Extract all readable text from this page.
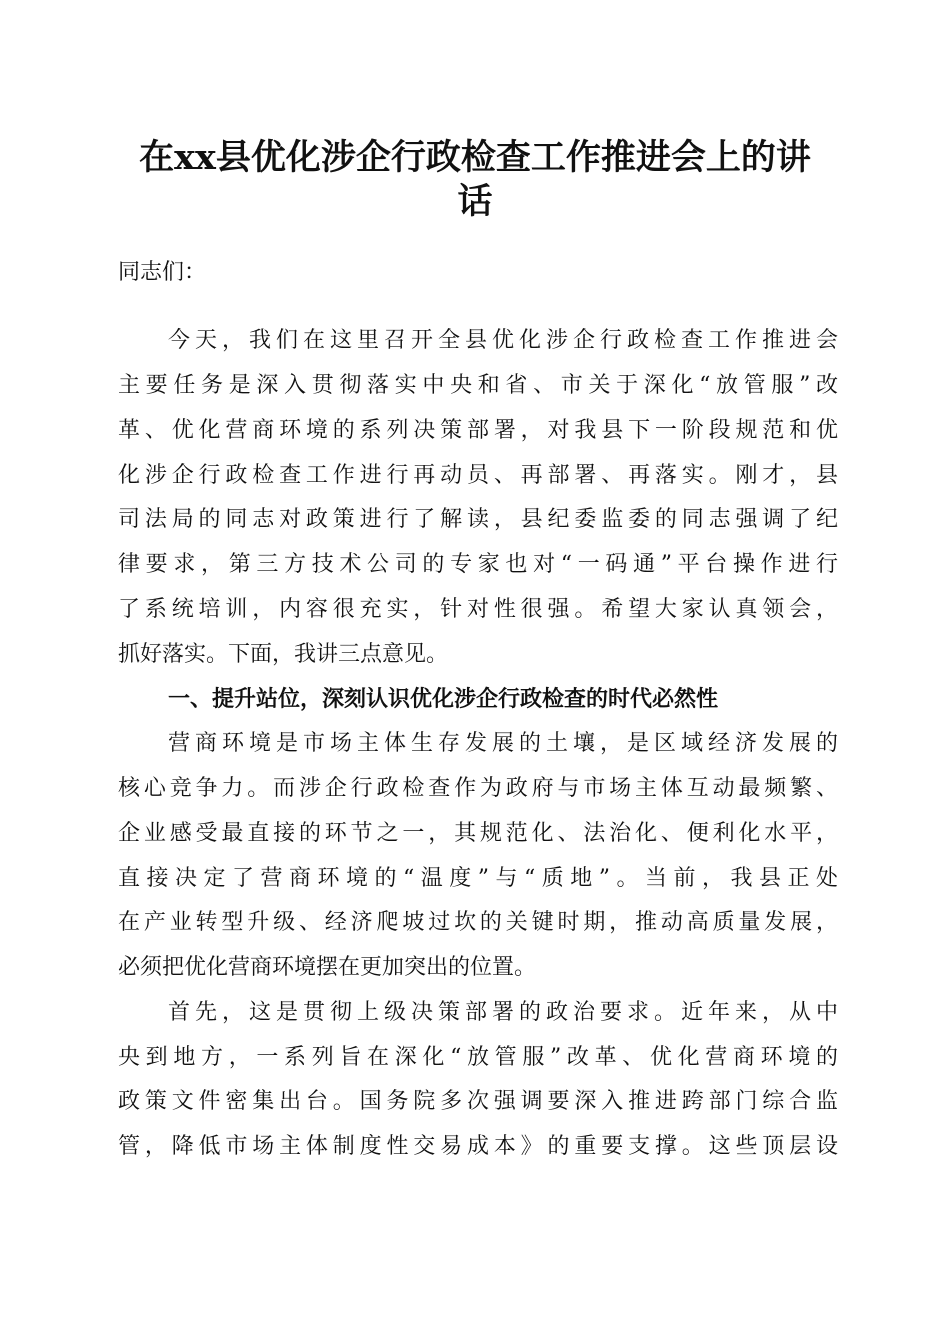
在xx县优化涉企行政检查工作推进会上的讲
话

同志们：

今天，我们在这里召开全县优化涉企行政检查工作推进会

主要任务是深入贯彻落实中央和省、市关于深化“放管服”改

革、优化营商环境的系列决策部署，对我县下一阶段规范和优

化涉企行政检查工作进行再动员、再部署、再落实。刚才，县

司法局的同志对政策进行了解读，县纪委监委的同志强调了纪

律要求，第三方技术公司的专家也对“一码通”平台操作进行

了系统培训，内容很充实，针对性很强。希望大家认真领会，

抓好落实。下面，我讲三点意见。

一、提升站位，深刻认识优化涉企行政检查的时代必然性

营商环境是市场主体生存发展的土壤，是区域经济发展的

核心竞争力。而涉企行政检查作为政府与市场主体互动最频繁、

企业感受最直接的环节之一，其规范化、法治化、便利化水平，

直接决定了营商环境的“温度”与“质地”。当前，我县正处

在产业转型升级、经济爬坡过坎的关键时期，推动高质量发展，

必须把优化营商环境摆在更加突出的位置。

首先，这是贯彻上级决策部署的政治要求。近年来，从中

央到地方，一系列旨在深化“放管服”改革、优化营商环境的

政策文件密集出台。国务院多次强调要深入推进跨部门综合监

管，降低市场主体制度性交易成本》的重要支撑。这些顶层设
